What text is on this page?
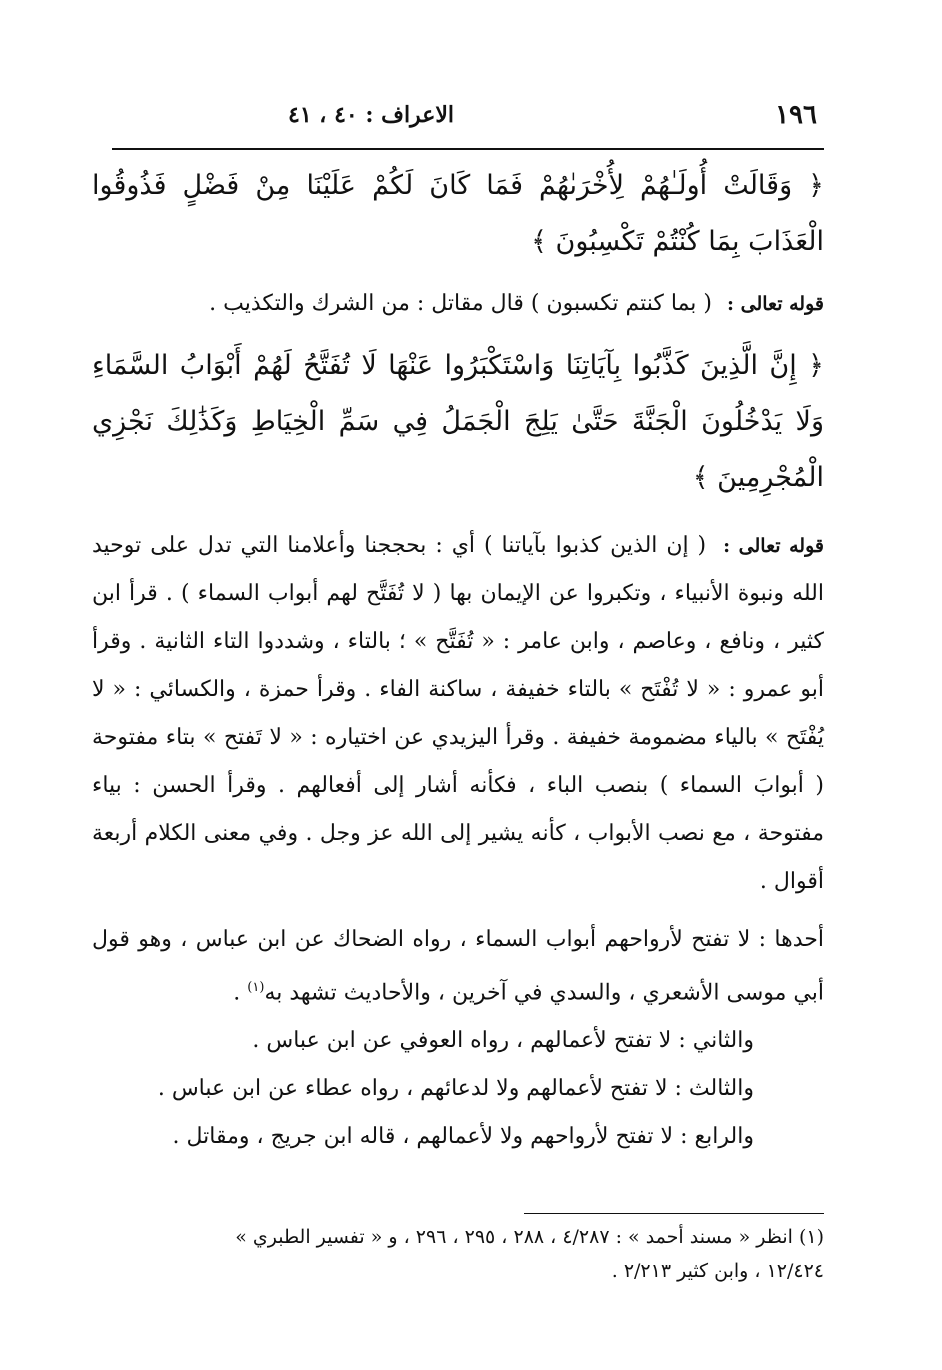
١٩٦
الاعراف : ٤٠ ، ٤١

﴿ وَقَالَتْ أُولَـٰهُمْ لِأُخْرَىٰهُمْ فَمَا كَانَ لَكُمْ عَلَيْنَا مِنْ فَضْلٍ فَذُوقُوا الْعَذَابَ بِمَا كُنْتُمْ تَكْسِبُونَ ﴾

قوله تعالى : ( بما كنتم تكسبون ) قال مقاتل : من الشرك والتكذيب .

﴿ إِنَّ الَّذِينَ كَذَّبُوا بِآيَاتِنَا وَاسْتَكْبَرُوا عَنْهَا لَا تُفَتَّحُ لَهُمْ أَبْوَابُ السَّمَاءِ وَلَا يَدْخُلُونَ الْجَنَّةَ حَتَّىٰ يَلِجَ الْجَمَلُ فِي سَمِّ الْخِيَاطِ وَكَذَٰلِكَ نَجْزِي الْمُجْرِمِينَ ﴾

قوله تعالى : ( إن الذين كذبوا بآياتنا ) أي : بحججنا وأعلامنا التي تدل على توحيد الله ونبوة الأنبياء ، وتكبروا عن الإيمان بها ( لا تُفَتَّح لهم أبواب السماء ) . قرأ ابن كثير ، ونافع ، وعاصم ، وابن عامر : « تُفَتَّح » ؛ بالتاء ، وشددوا التاء الثانية . وقرأ أبو عمرو : « لا تُفْتَح » بالتاء خفيفة ، ساكنة الفاء . وقرأ حمزة ، والكسائي : « لا يُفْتَح » بالياء مضمومة خفيفة . وقرأ اليزيدي عن اختياره : « لا تَفتح » بتاء مفتوحة ( أبوابَ السماء ) بنصب الباء ، فكأنه أشار إلى أفعالهم . وقرأ الحسن : بياء مفتوحة ، مع نصب الأبواب ، كأنه يشير إلى الله عز وجل . وفي معنى الكلام أربعة أقوال .

أحدها : لا تفتح لأرواحهم أبواب السماء ، رواه الضحاك عن ابن عباس ، وهو قول أبي موسى الأشعري ، والسدي في آخرين ، والأحاديث تشهد به$^{(١)}$ .

والثاني : لا تفتح لأعمالهم ، رواه العوفي عن ابن عباس .

والثالث : لا تفتح لأعمالهم ولا لدعائهم ، رواه عطاء عن ابن عباس .

والرابع : لا تفتح لأرواحهم ولا لأعمالهم ، قاله ابن جريج ، ومقاتل .

(١) انظر « مسند أحمد » : ٤/٢٨٧ ، ٢٨٨ ، ٢٩٥ ، ٢٩٦ ، و « تفسير الطبري »

١٢/٤٢٤ ، وابن كثير ٢/٢١٣ .
